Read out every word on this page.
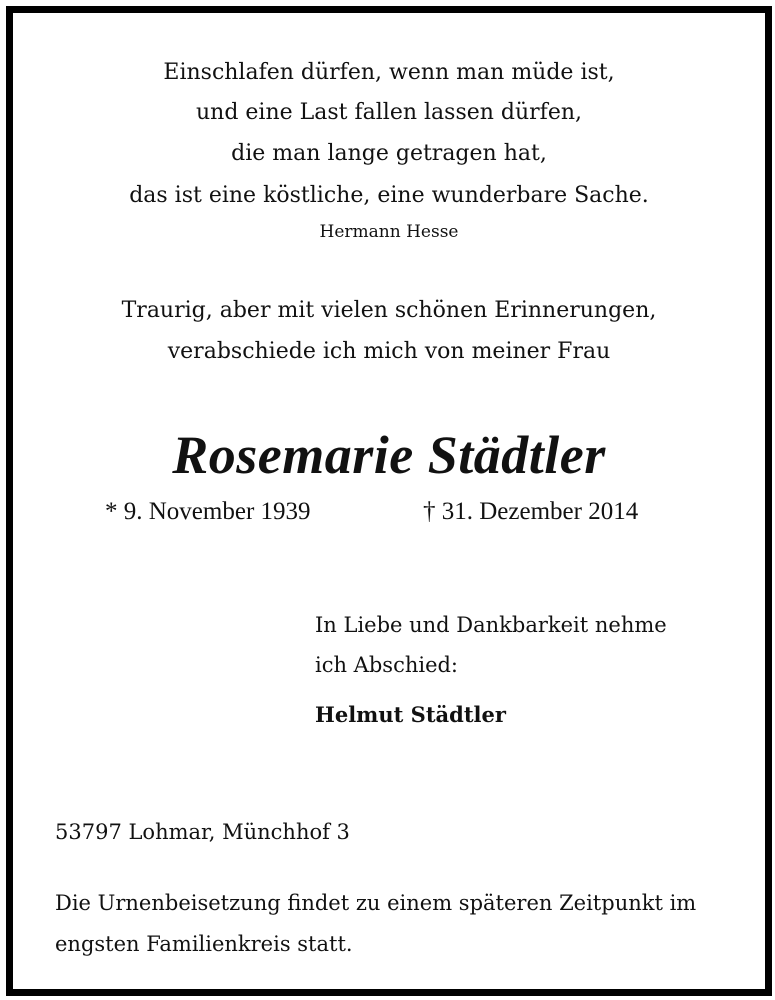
Einschlafen dürfen, wenn man müde ist,
und eine Last fallen lassen dürfen,
die man lange getragen hat,
das ist eine köstliche, eine wunderbare Sache.
Hermann Hesse
Traurig, aber mit vielen schönen Erinnerungen,
verabschiede ich mich von meiner Frau
Rosemarie Städtler
* 9. November 1939	† 31. Dezember 2014
In Liebe und Dankbarkeit nehme
ich Abschied:
Helmut Städtler
53797 Lohmar, Münchhof 3
Die Urnenbeisetzung findet zu einem späteren Zeitpunkt im
engsten Familienkreis statt.
